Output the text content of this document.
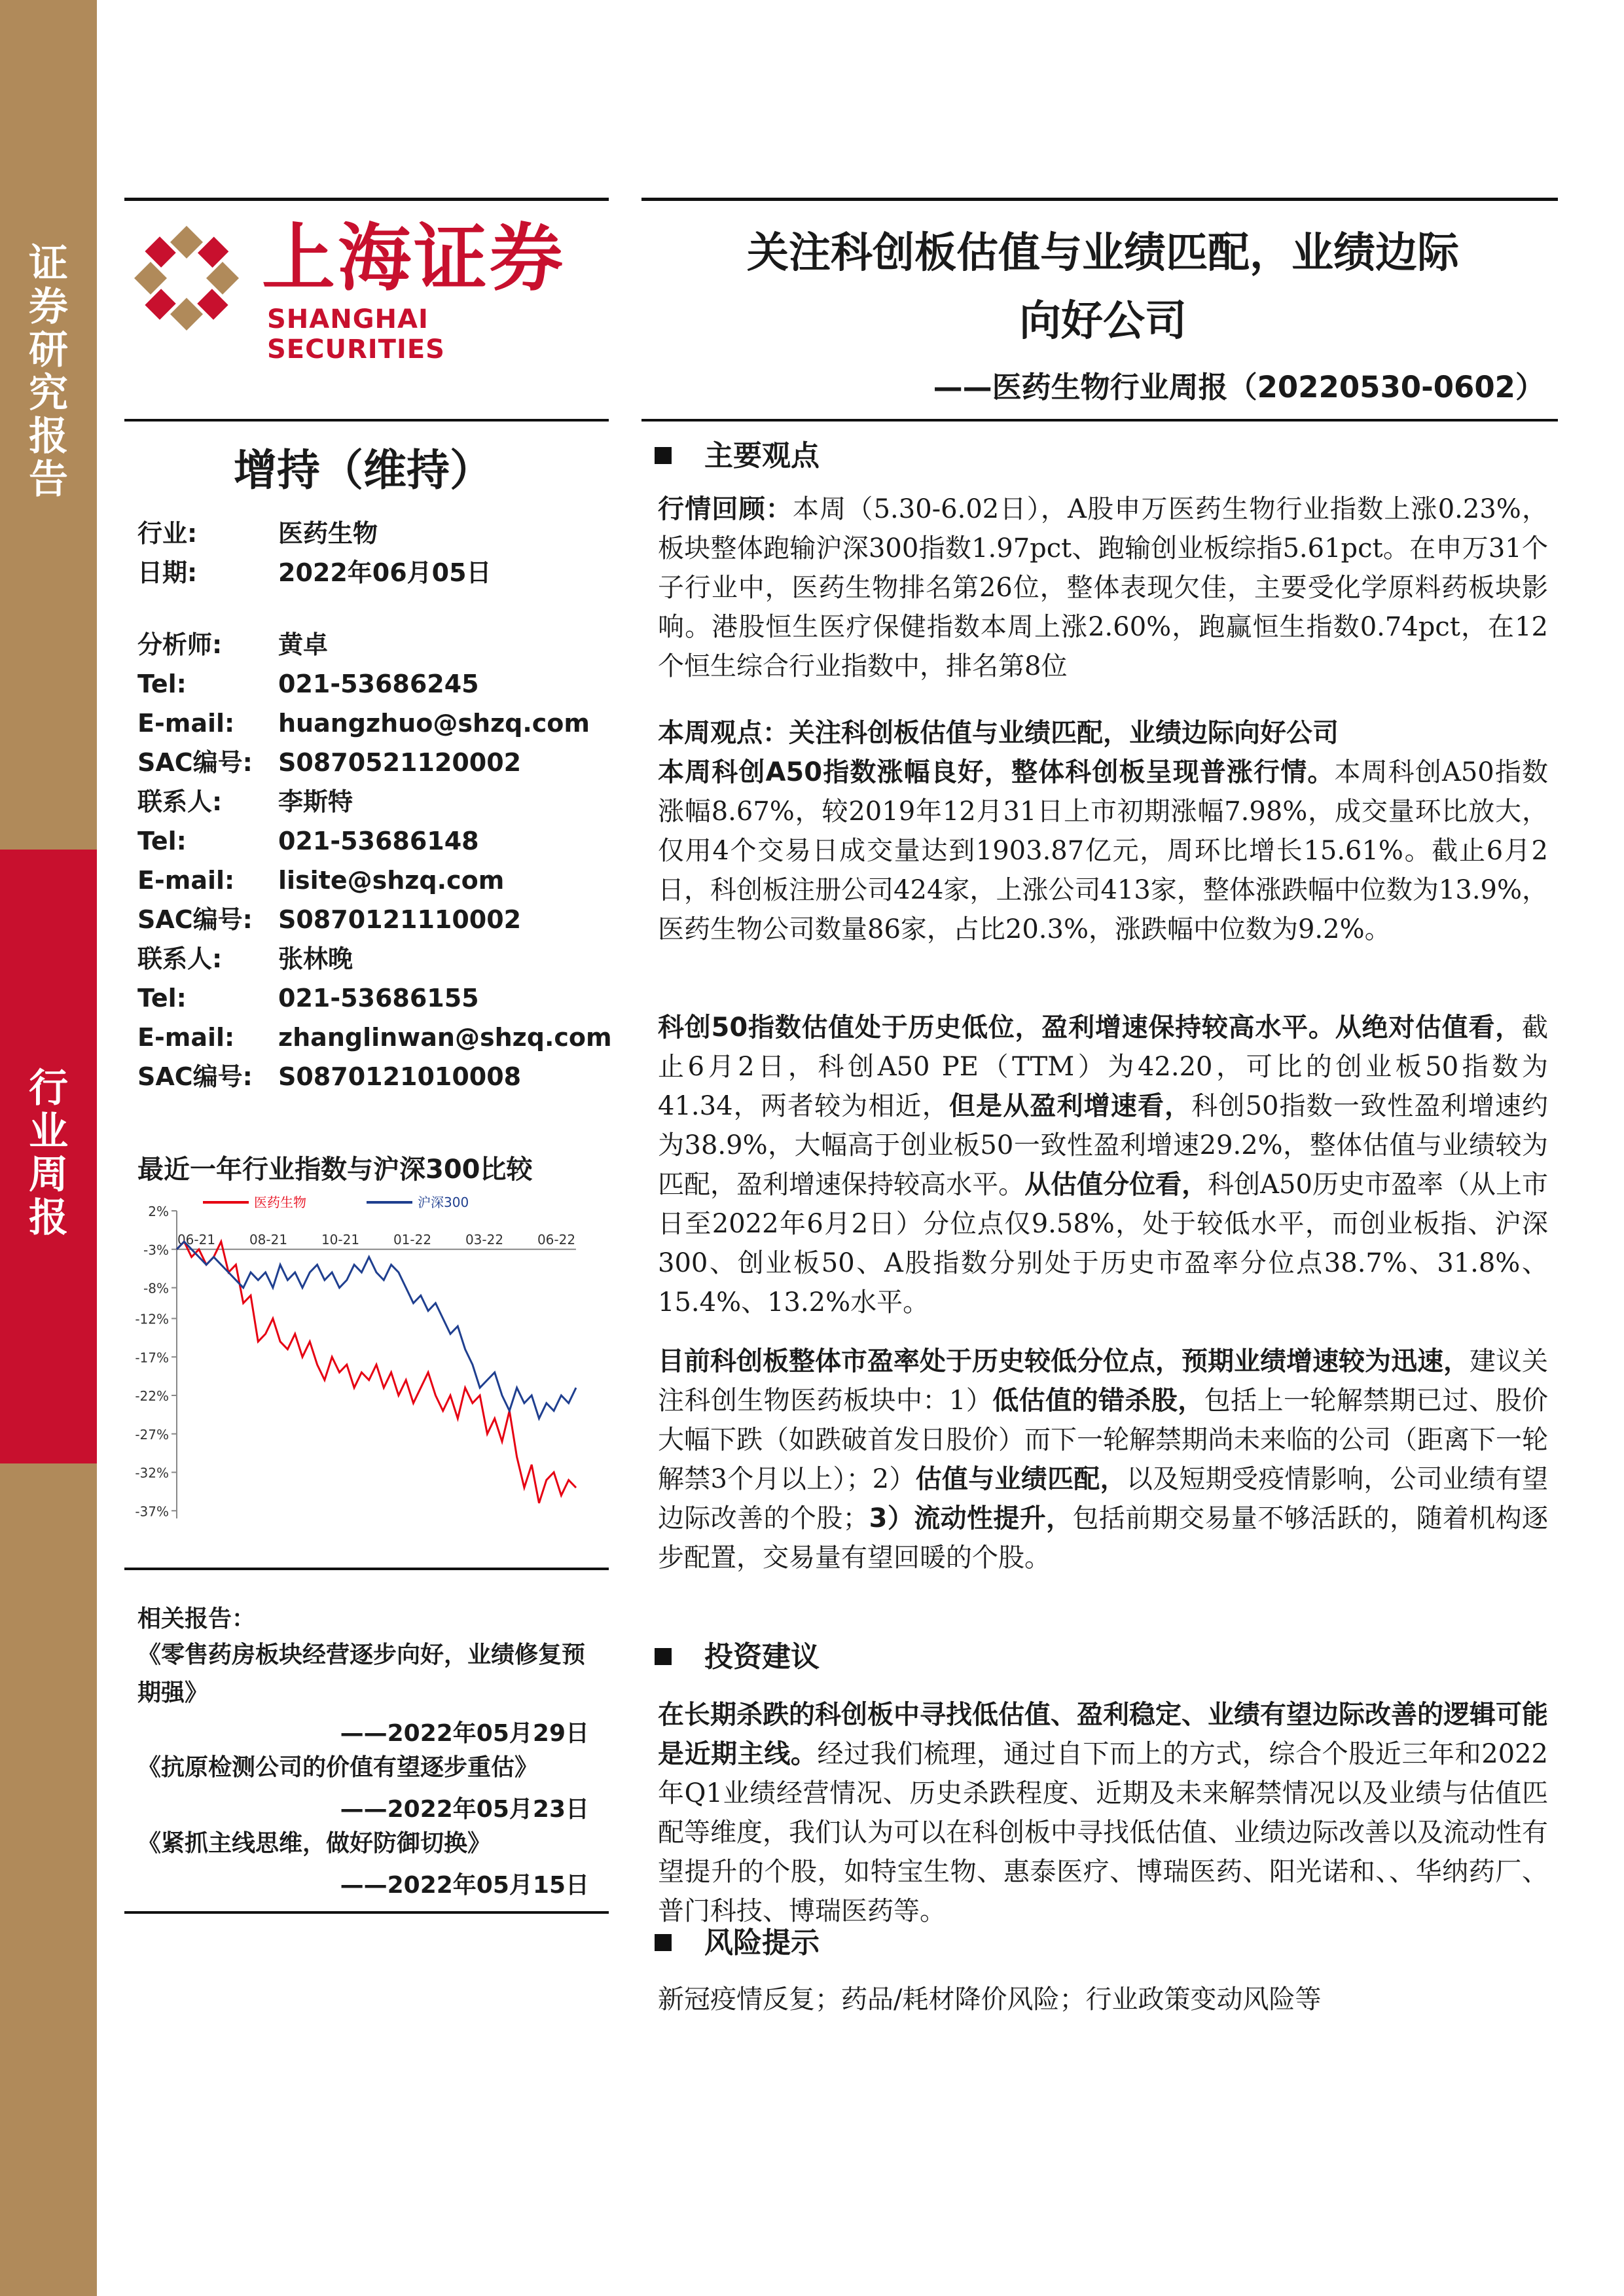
证
券
研
究
报
告
行
业
周
报
上海证券
SHANGHAI SECURITIES
关注科创板估值与业绩匹配，业绩边际
向好公司
——医药生物行业周报（20220530-0602）
增持（维持）
行业:	医药生物
日期:	2022年06月05日
分析师: 黄卓
Tel:	021-53686245
E-mail: huangzhuo@shzq.com
SAC编号: S0870521120002
联系人: 李斯特
Tel:	021-53686148
E-mail: lisite@shzq.com
SAC编号: S0870121110002
联系人: 张林晚
Tel:	021-53686155
E-mail: zhanglinwan@shzq.com
SAC编号: S0870121010008
最近一年行业指数与沪深300比较
2%
-3%
-8%
-12%
-17%
-22%
-27%
-32%
-37%
06-21	08-21	10-21	01-22	03-22	06-22
医药生物	沪深300
相关报告：
《零售药房板块经营逐步向好，业绩修复预期强》
——2022年05月29日
《抗原检测公司的价值有望逐步重估》
——2022年05月23日
《紧抓主线思维，做好防御切换》
——2022年05月15日
主要观点
行情回顾：本周（5.30-6.02日），A股申万医药生物行业指数上涨0.23%，板块整体跑输沪深300指数1.97pct、跑输创业板综指5.61pct。在申万31个子行业中，医药生物排名第26位，整体表现欠佳，主要受化学原料药板块影响。港股恒生医疗保健指数本周上涨2.60%，跑赢恒生指数0.74pct，在12个恒生综合行业指数中，排名第8位
本周观点：关注科创板估值与业绩匹配，业绩边际向好公司
本周科创A50指数涨幅良好，整体科创板呈现普涨行情。本周科创A50指数涨幅8.67%，较2019年12月31日上市初期涨幅7.98%，成交量环比放大，仅用4个交易日成交量达到1903.87亿元，周环比增长15.61%。截止6月2日，科创板注册公司424家，上涨公司413家，整体涨跌幅中位数为13.9%，医药生物公司数量86家，占比20.3%，涨跌幅中位数为9.2%。
科创50指数估值处于历史低位，盈利增速保持较高水平。从绝对估值看，截止6月2日，科创A50 PE（TTM）为42.20，可比的创业板50指数为41.34，两者较为相近，但是从盈利增速看，科创50指数一致性盈利增速约为38.9%，大幅高于创业板50一致性盈利增速29.2%，整体估值与业绩较为匹配，盈利增速保持较高水平。从估值分位看，科创A50历史市盈率（从上市日至2022年6月2日）分位点仅9.58%，处于较低水平，而创业板指、沪深300、创业板50、A股指数分别处于历史市盈率分位点38.7%、31.8%、15.4%、13.2%水平。
目前科创板整体市盈率处于历史较低分位点，预期业绩增速较为迅速，建议关注科创生物医药板块中：1）低估值的错杀股，包括上一轮解禁期已过、股价大幅下跌（如跌破首发日股价）而下一轮解禁期尚未来临的公司（距离下一轮解禁3个月以上）；2）估值与业绩匹配，以及短期受疫情影响，公司业绩有望边际改善的个股；3）流动性提升，包括前期交易量不够活跃的，随着机构逐步配置，交易量有望回暖的个股。
投资建议
在长期杀跌的科创板中寻找低估值、盈利稳定、业绩有望边际改善的逻辑可能是近期主线。经过我们梳理，通过自下而上的方式，综合个股近三年和2022年Q1业绩经营情况、历史杀跌程度、近期及未来解禁情况以及业绩与估值匹配等维度，我们认为可以在科创板中寻找低估值、业绩边际改善以及流动性有望提升的个股，如特宝生物、惠泰医疗、博瑞医药、阳光诺和、、华纳药厂、普门科技、博瑞医药等。
风险提示
新冠疫情反复；药品/耗材降价风险；行业政策变动风险等
